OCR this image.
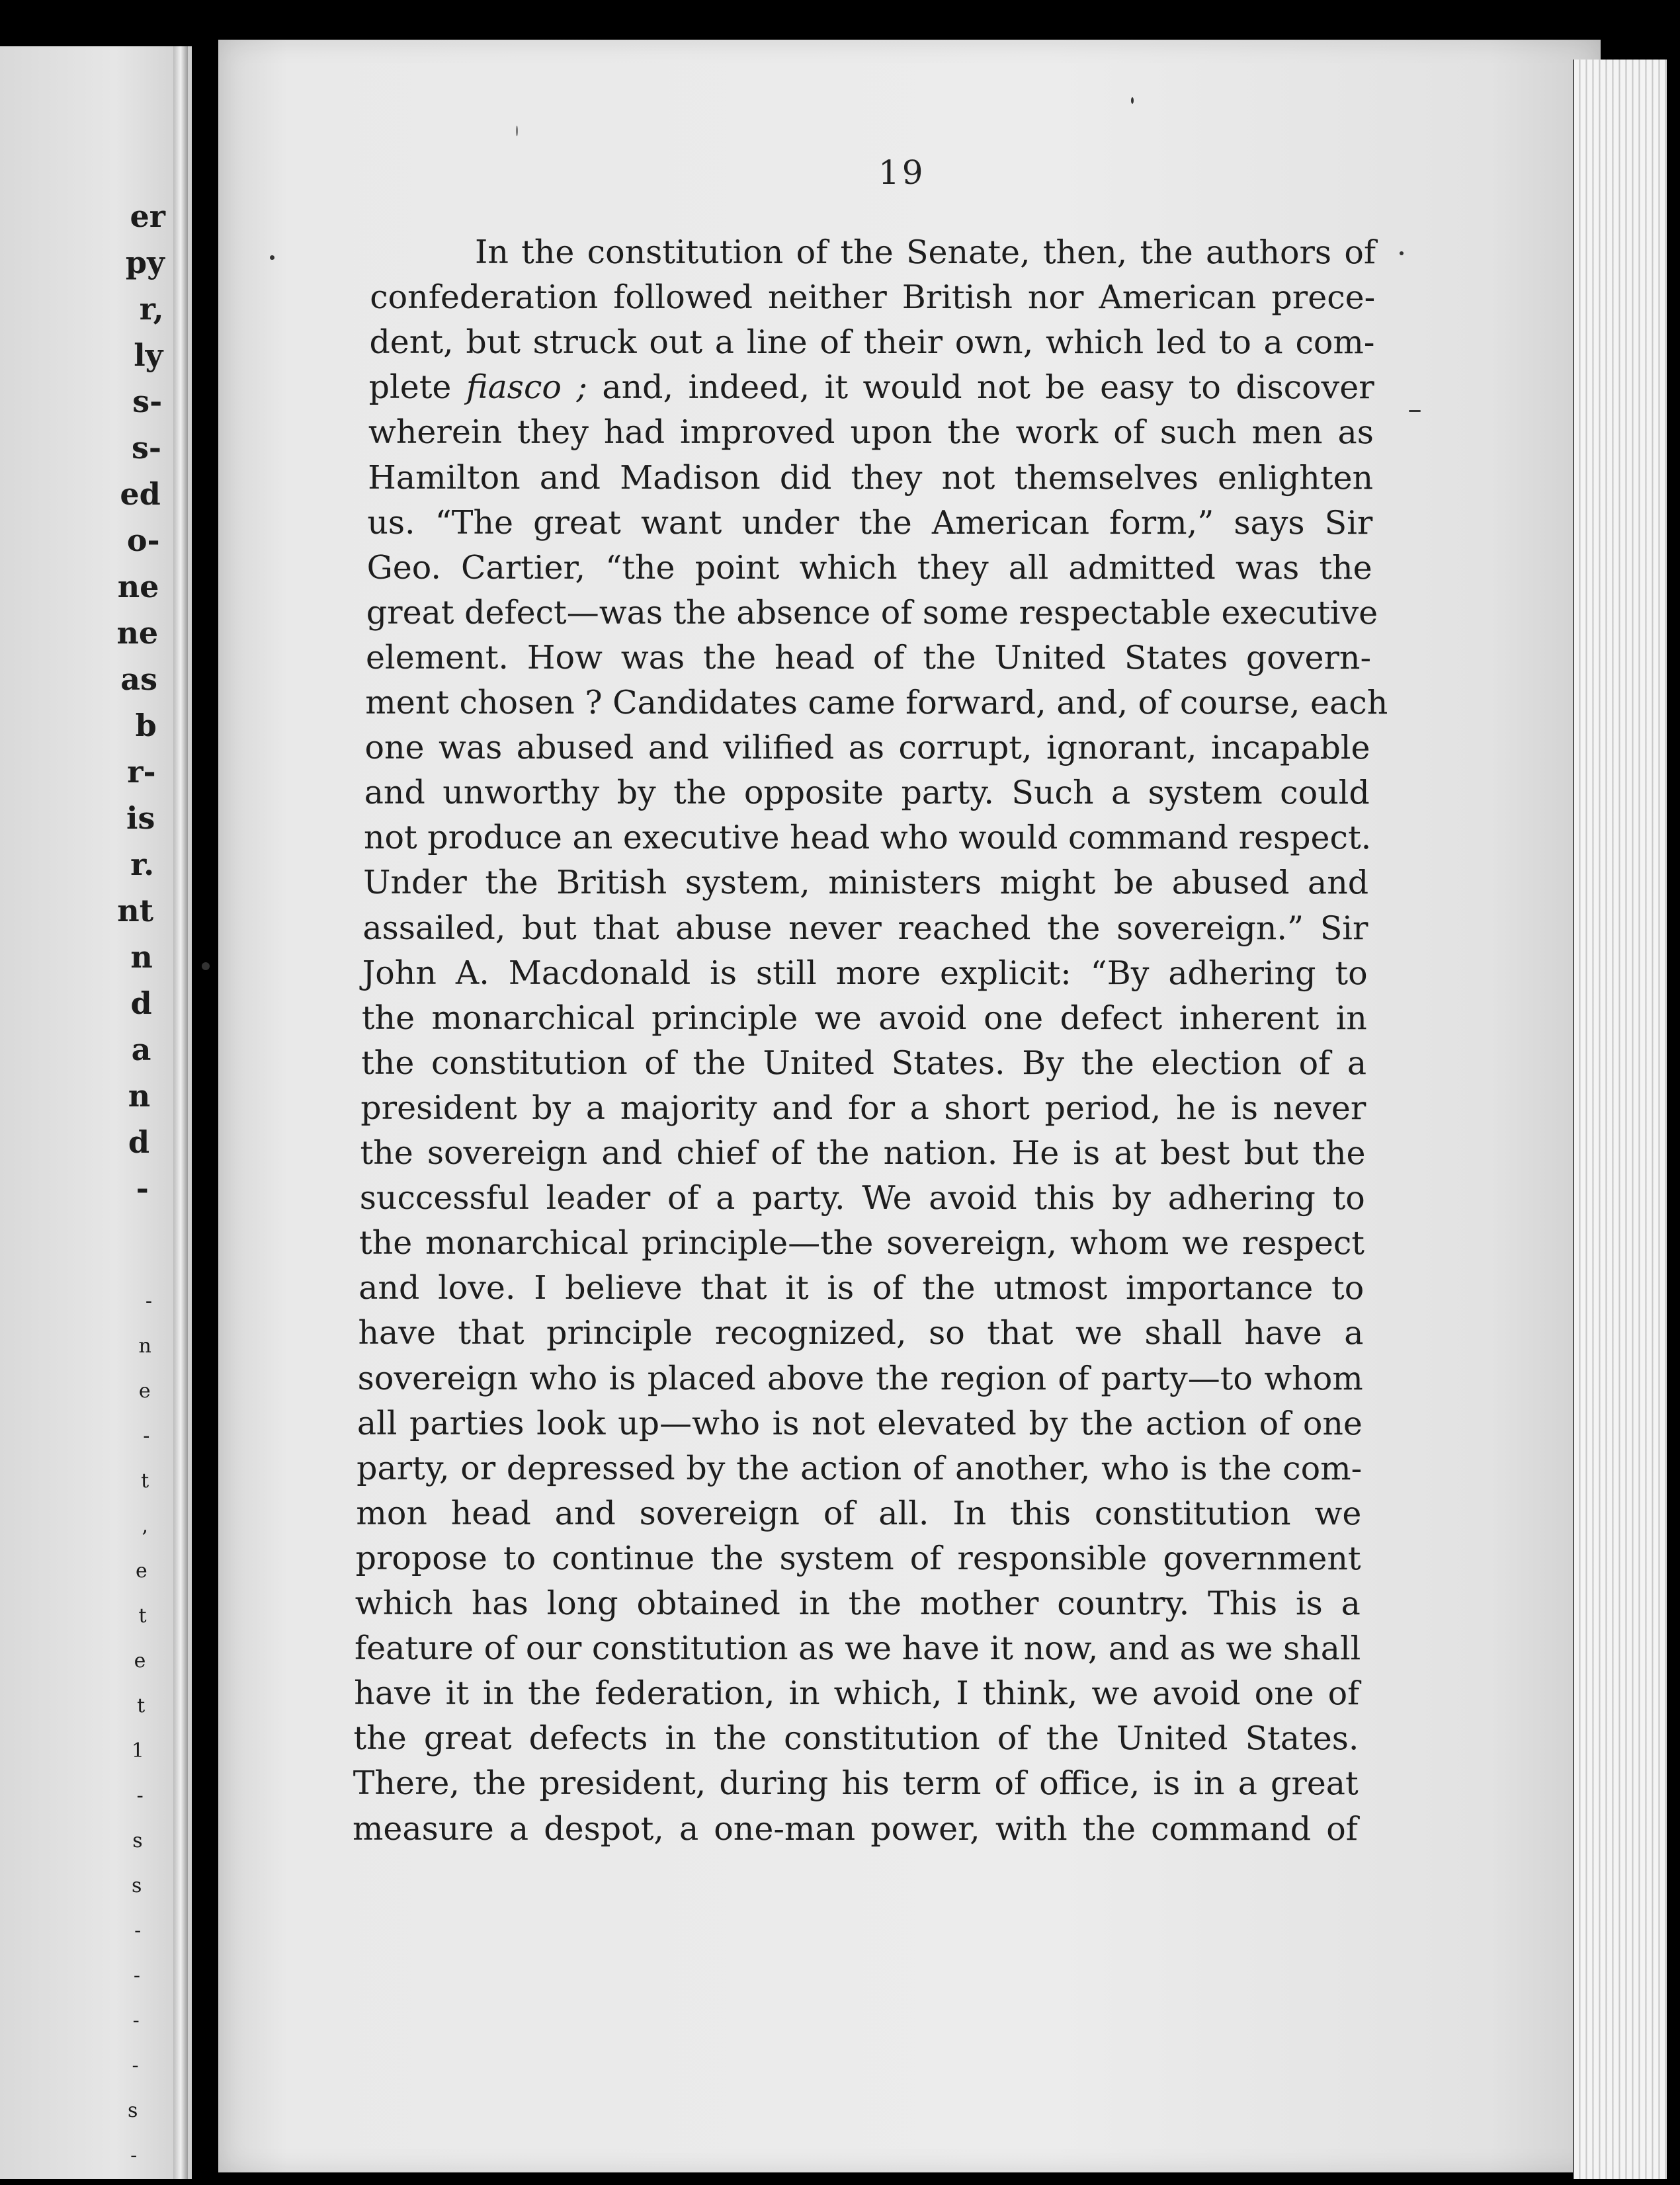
er
py
r,
ly
s-
s-
ed
o-
ne
ne
as
b
r-
is
r.
nt
n
d
a
n
d
-
-
n
e
-
t
,
e
t
e
t
1
-
s
s
-
-
-
-
s
-
19
In the constitution of the Senate, then, the authors of
confederation followed neither British nor American prece-
dent, but struck out a line of their own, which led to a com-
plete fiasco ; and, indeed, it would not be easy to discover
wherein they had improved upon the work of such men as
Hamilton and Madison did they not themselves enlighten
us. “The great want under the American form,” says Sir
Geo. Cartier, “the point which they all admitted was the
great defect—was the absence of some respectable executive
element. How was the head of the United States govern-
ment chosen ? Candidates came forward, and, of course, each
one was abused and vilified as corrupt, ignorant, incapable
and unworthy by the opposite party. Such a system could
not produce an executive head who would command respect.
Under the British system, ministers might be abused and
assailed, but that abuse never reached the sovereign.” Sir
John A. Macdonald is still more explicit: “By adhering to
the monarchical principle we avoid one defect inherent in
the constitution of the United States. By the election of a
president by a majority and for a short period, he is never
the sovereign and chief of the nation. He is at best but the
successful leader of a party. We avoid this by adhering to
the monarchical principle—the sovereign, whom we respect
and love. I believe that it is of the utmost importance to
have that principle recognized, so that we shall have a
sovereign who is placed above the region of party—to whom
all parties look up—who is not elevated by the action of one
party, or depressed by the action of another, who is the com-
mon head and sovereign of all. In this constitution we
propose to continue the system of responsible government
which has long obtained in the mother country. This is a
feature of our constitution as we have it now, and as we shall
have it in the federation, in which, I think, we avoid one of
the great defects in the constitution of the United States.
There, the president, during his term of office, is in a great
measure a despot, a one-man power, with the command of
